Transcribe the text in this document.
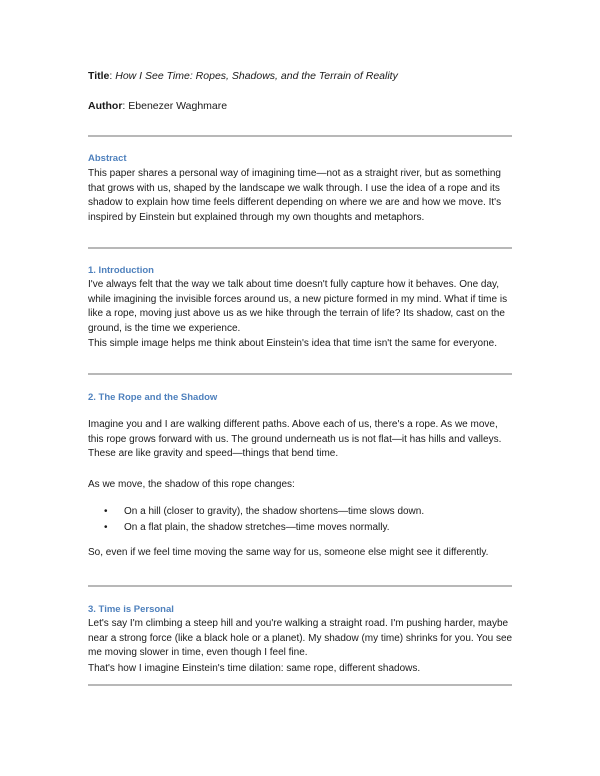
Title: How I See Time: Ropes, Shadows, and the Terrain of Reality
Author: Ebenezer Waghmare
Abstract

This paper shares a personal way of imagining time—not as a straight river, but as something that grows with us, shaped by the landscape we walk through. I use the idea of a rope and its shadow to explain how time feels different depending on where we are and how we move. It's inspired by Einstein but explained through my own thoughts and metaphors.

1. Introduction

I've always felt that the way we talk about time doesn't fully capture how it behaves. One day, while imagining the invisible forces around us, a new picture formed in my mind. What if time is like a rope, moving just above us as we hike through the terrain of life? Its shadow, cast on the ground, is the time we experience.

This simple image helps me think about Einstein's idea that time isn't the same for everyone.

2. The Rope and the Shadow

Imagine you and I are walking different paths. Above each of us, there's a rope. As we move, this rope grows forward with us. The ground underneath us is not flat—it has hills and valleys. These are like gravity and speed—things that bend time.

As we move, the shadow of this rope changes:

• On a hill (closer to gravity), the shadow shortens—time slows down.
• On a flat plain, the shadow stretches—time moves normally.

So, even if we feel time moving the same way for us, someone else might see it differently.

3. Time is Personal

Let's say I'm climbing a steep hill and you're walking a straight road. I'm pushing harder, maybe near a strong force (like a black hole or a planet). My shadow (my time) shrinks for you. You see me moving slower in time, even though I feel fine.

That's how I imagine Einstein's time dilation: same rope, different shadows.
